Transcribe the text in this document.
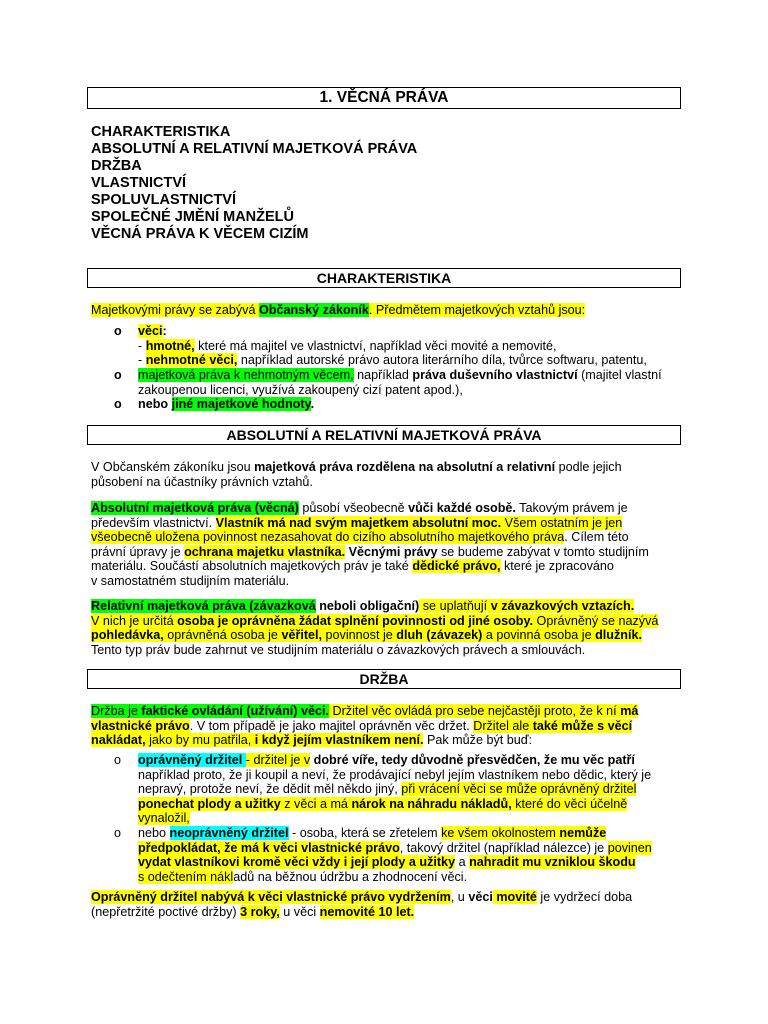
1. VĚCNÁ PRÁVA
CHARAKTERISTIKA
ABSOLUTNÍ A RELATIVNÍ MAJETKOVÁ PRÁVA
DRŽBA
VLASTNICTVÍ
SPOLUVLASTNICTVÍ
SPOLEČNÉ JMĚNÍ MANŽELŮ
VĚCNÁ PRÁVA K VĚCEM CIZÍM
CHARAKTERISTIKA
Majetkovými právy se zabývá Občanský zákoník. Předmětem majetkových vztahů jsou:
o věci:
- hmotné, které má majitel ve vlastnictví, například věci movité a nemovité,
- nehmotné věci, například autorské právo autora literárního díla, tvůrce softwaru, patentu,
o majetková práva k nehmotným věcem, například práva duševního vlastnictví (majitel vlastní
zakoupenou licenci, využívá zakoupený cizí patent apod.),
o nebo jiné majetkové hodnoty.
ABSOLUTNÍ A RELATIVNÍ MAJETKOVÁ PRÁVA
V Občanském zákoníku jsou majetková práva rozdělena na absolutní a relativní podle jejich
působení na účastníky právních vztahů.
Absolutní majetková práva (věcná) působí všeobecně vůči každé osobě. Takovým právem je
především vlastnictví. Vlastník má nad svým majetkem absolutní moc. Všem ostatním je jen
všeobecně uložena povinnost nezasahovat do cizího absolutního majetkového práva. Cílem této
právní úpravy je ochrana majetku vlastníka. Věcnými právy se budeme zabývat v tomto studijním
materiálu. Součástí absolutních majetkových práv je také dědické právo, které je zpracováno
v samostatném studijním materiálu.
Relativní majetková práva (závazková neboli obligační) se uplatňují v závazkových vztazích.
V nich je určitá osoba je oprávněna žádat splnění povinnosti od jiné osoby. Oprávněný se nazývá
pohledávka, oprávněná osoba je věřitel, povinnost je dluh (závazek) a povinná osoba je dlužník.
Tento typ práv bude zahrnut ve studijním materiálu o závazkových právech a smlouvách.
DRŽBA
Držba je faktické ovládání (užívání) věci. Držitel věc ovládá pro sebe nejčastěji proto, že k ní má
vlastnické právo. V tom případě je jako majitel oprávněn věc držet. Držitel ale také může s věcí
nakládat, jako by mu patřila, i když jejím vlastníkem není. Pak může být buď:
o oprávněný držitel - držitel je v dobré víře, tedy důvodně přesvědčen, že mu věc patří
například proto, že ji koupil a neví, že prodávající nebyl jejím vlastníkem nebo dědic, který je
nepravý, protože neví, že dědit měl někdo jiný, při vrácení věci se může oprávněný držitel
ponechat plody a užitky z věci a má nárok na náhradu nákladů, které do věci účelně
vynaložil,
o nebo neoprávněný držitel - osoba, která se zřetelem ke všem okolnostem nemůže
předpokládat, že má k věci vlastnické právo, takový držitel (například nálezce) je povinen
vydat vlastníkovi kromě věci vždy i její plody a užitky a nahradit mu vzniklou škodu
s odečtením nákladů na běžnou údržbu a zhodnocení věci.
Oprávněný držitel nabývá k věci vlastnické právo vydržením, u věci movité je vydržecí doba
(nepřetržité poctivé držby) 3 roky, u věci nemovité 10 let.
